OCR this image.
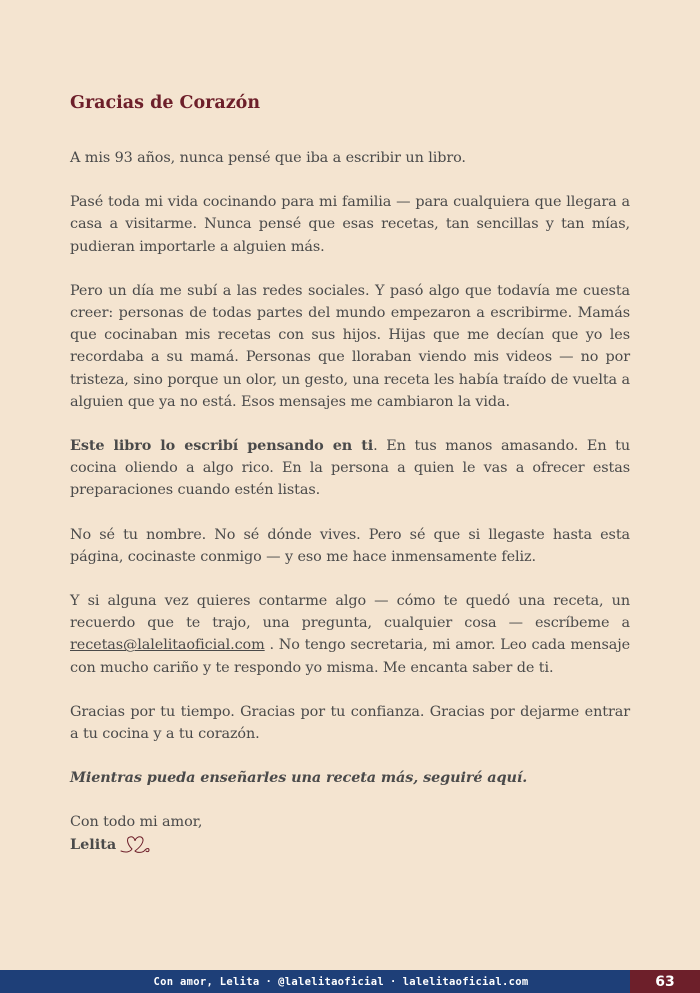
Gracias de Corazón

A mis 93 años, nunca pensé que iba a escribir un libro.

Pasé toda mi vida cocinando para mi familia — para cualquiera que llegara a casa a visitarme. Nunca pensé que esas recetas, tan sencillas y tan mías, pudieran importarle a alguien más.

Pero un día me subí a las redes sociales. Y pasó algo que todavía me cuesta creer: personas de todas partes del mundo empezaron a escribirme. Mamás que cocinaban mis recetas con sus hijos. Hijas que me decían que yo les recordaba a su mamá. Personas que lloraban viendo mis videos — no por tristeza, sino porque un olor, un gesto, una receta les había traído de vuelta a alguien que ya no está. Esos mensajes me cambiaron la vida.

Este libro lo escribí pensando en ti. En tus manos amasando. En tu cocina oliendo a algo rico. En la persona a quien le vas a ofrecer estas preparaciones cuando estén listas.

No sé tu nombre. No sé dónde vives. Pero sé que si llegaste hasta esta página, cocinaste conmigo — y eso me hace inmensamente feliz.

Y si alguna vez quieres contarme algo — cómo te quedó una receta, un recuerdo que te trajo, una pregunta, cualquier cosa — escríbeme a recetas@lalelitaoficial.com . No tengo secretaria, mi amor. Leo cada mensaje con mucho cariño y te respondo yo misma. Me encanta saber de ti.

Gracias por tu tiempo. Gracias por tu confianza. Gracias por dejarme entrar a tu cocina y a tu corazón.

Mientras pueda enseñarles una receta más, seguiré aquí.

Con todo mi amor,

Lelita
Con amor, Lelita · @lalelitaoficial · lalelitaoficial.com	63
